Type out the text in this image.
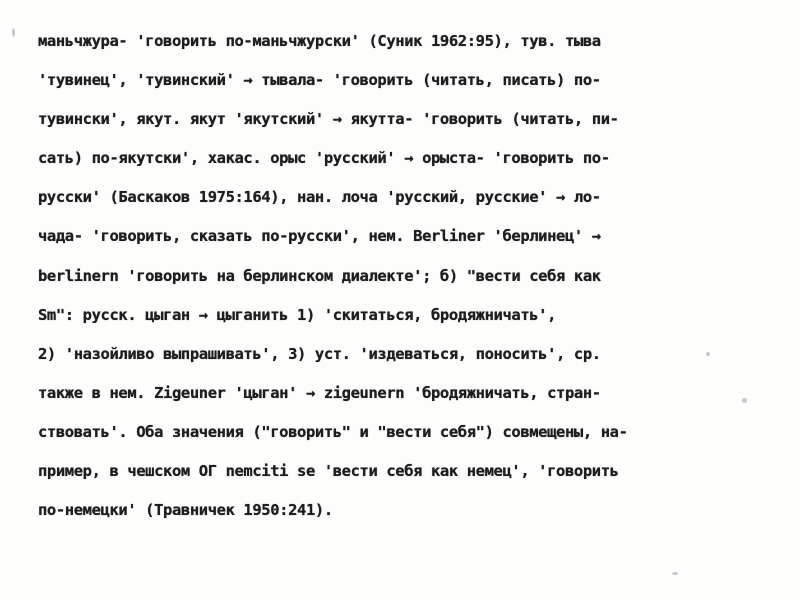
маньчжура- 'говорить по-маньчжурски' (Суник 1962:95), тув. тыва
'тувинец', 'тувинский' → тывала- 'говорить (читать, писать) по-
тувински', якут. якут 'якутский' → якутта- 'говорить (читать, пи-
сать) по-якутски', хакас. орыс 'русский' → орыста- 'говорить по-
русски' (Баскаков 1975:164), нан. лоча 'русский, русские' → ло-
чада- 'говорить, сказать по-русски', нем. Berliner 'берлинец' →
berlinern 'говорить на берлинском диалекте'; б) "вести себя как
Sm": русск. цыган → цыганить 1) 'скитаться, бродяжничать',
2) 'назойливо выпрашивать', 3) уст. 'издеваться, поносить', ср.
также в нем. Zigeuner 'цыган' → zigeunern 'бродяжничать, стран-
ствовать'. Оба значения ("говорить" и "вести себя") совмещены, на-
пример, в чешском ОГ nemciti se 'вести себя как немец', 'говорить
по-немецки' (Травничек 1950:241).
